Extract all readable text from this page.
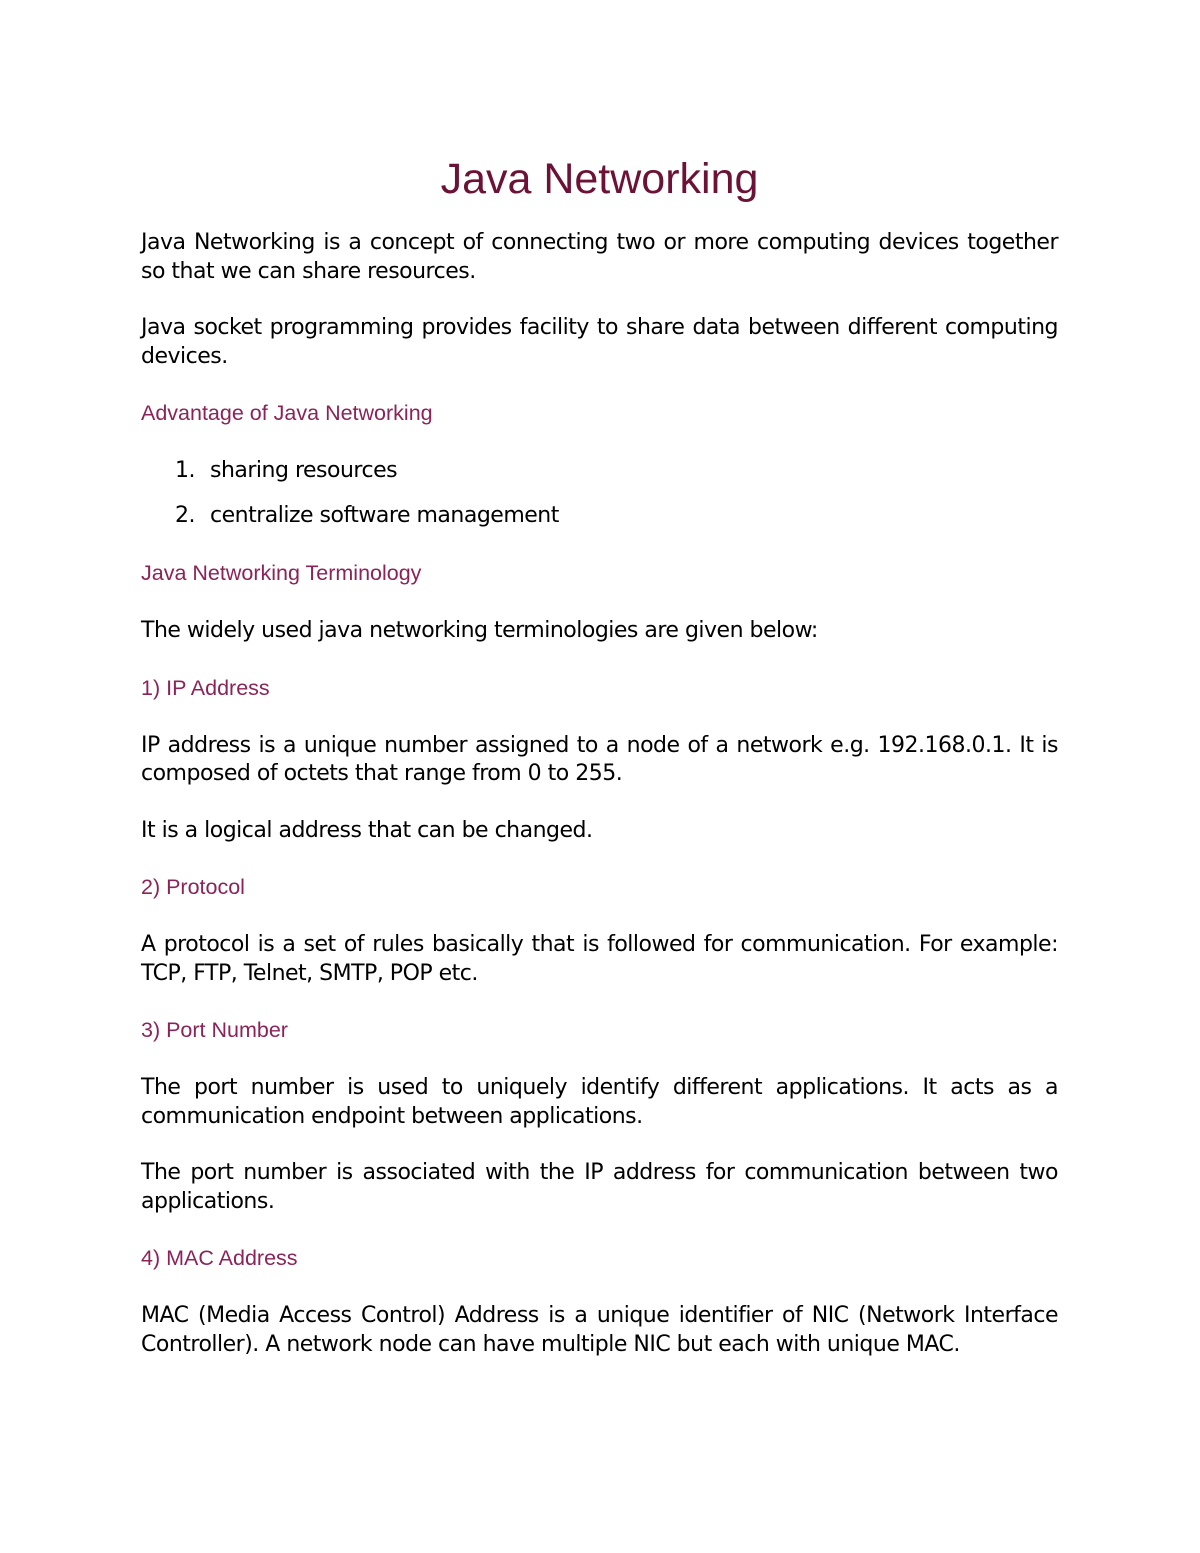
Java Networking

Java Networking is a concept of connecting two or more computing devices together so that we can share resources.

Java socket programming provides facility to share data between different computing devices.

Advantage of Java Networking
1. sharing resources
2. centralize software management
Java Networking Terminology

The widely used java networking terminologies are given below:

1) IP Address

IP address is a unique number assigned to a node of a network e.g. 192.168.0.1. It is composed of octets that range from 0 to 255.

It is a logical address that can be changed.

2) Protocol

A protocol is a set of rules basically that is followed for communication. For example: TCP, FTP, Telnet, SMTP, POP etc.

3) Port Number

The port number is used to uniquely identify different applications. It acts as a communication endpoint between applications.

The port number is associated with the IP address for communication between two applications.

4) MAC Address

MAC (Media Access Control) Address is a unique identifier of NIC (Network Interface Controller). A network node can have multiple NIC but each with unique MAC.
